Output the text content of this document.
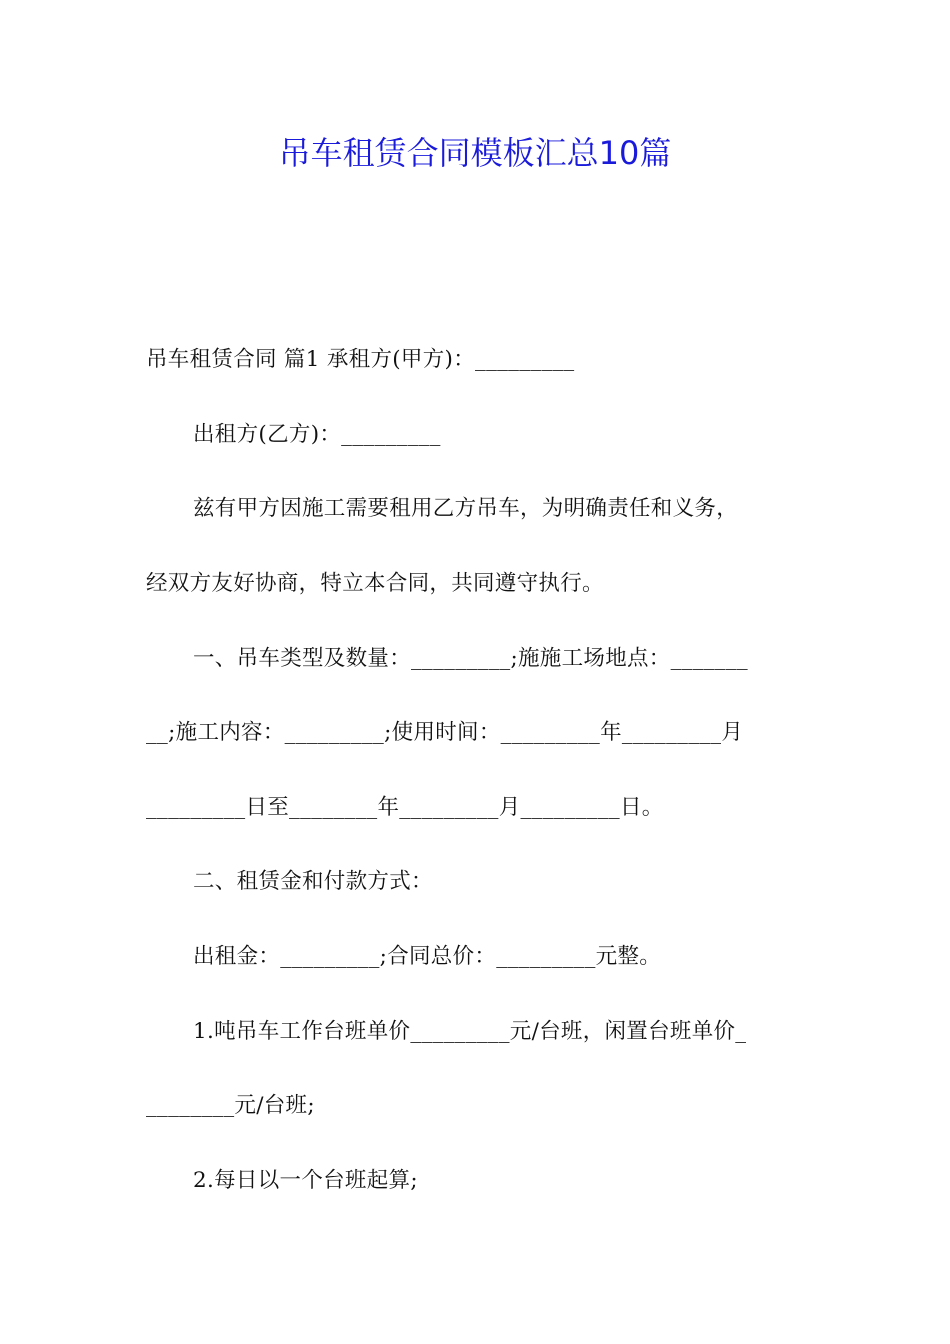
吊车租赁合同模板汇总10篇
吊车租赁合同 篇1 承租方(甲方)：_________
出租方(乙方)：_________
兹有甲方因施工需要租用乙方吊车，为明确责任和义务，
经双方友好协商，特立本合同，共同遵守执行。
一、吊车类型及数量：_________;施施工场地点：_______
__;施工内容：_________;使用时间：_________年_________月
_________日至________年_________月_________日。
二、租赁金和付款方式：
出租金：_________;合同总价：_________元整。
1.吨吊车工作台班单价_________元/台班，闲置台班单价_
________元/台班;
2.每日以一个台班起算;
